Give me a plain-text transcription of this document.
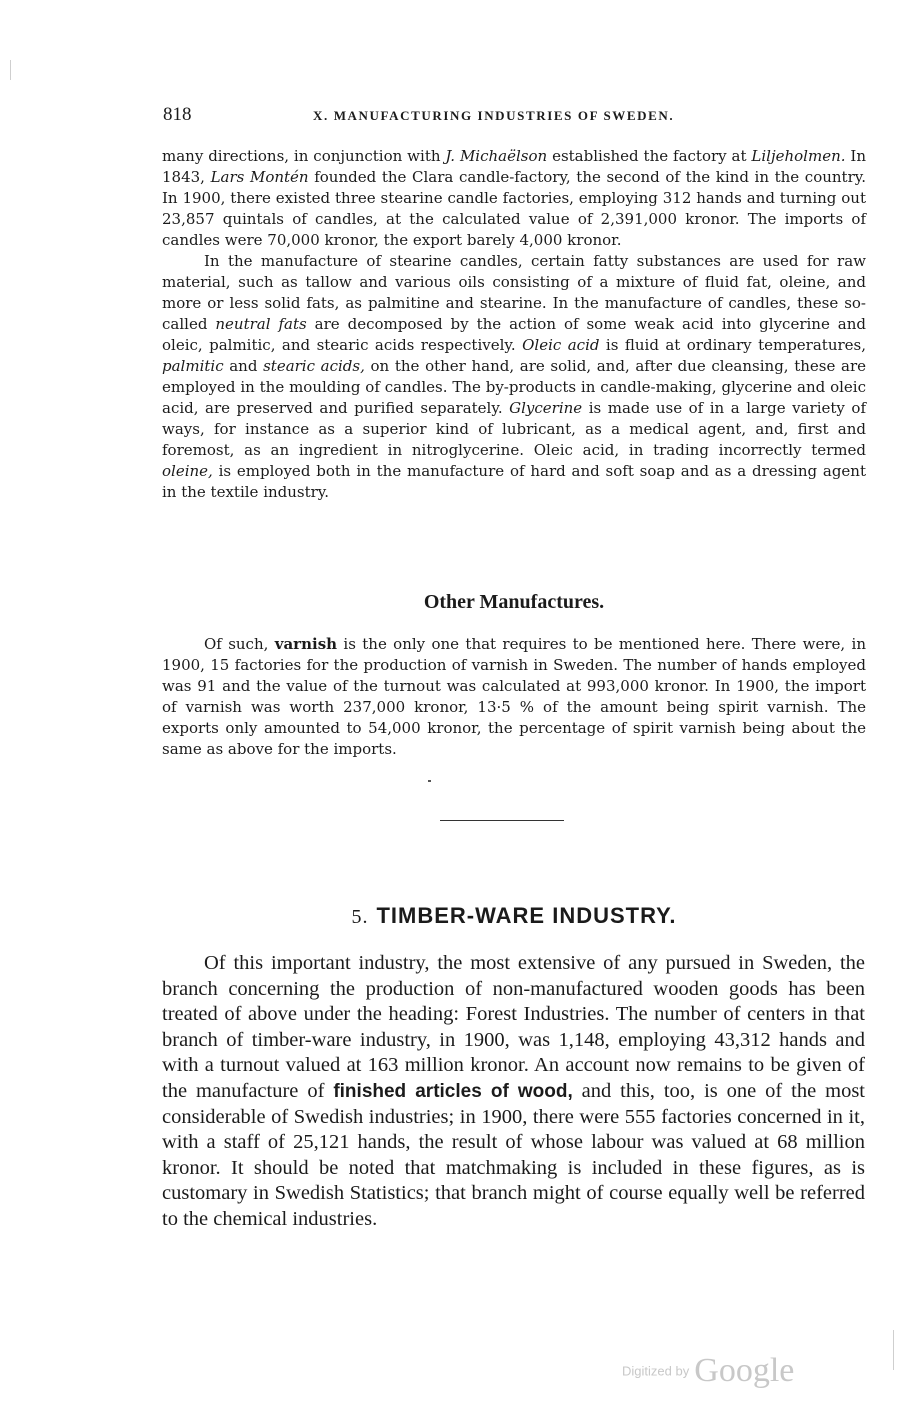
818	X. MANUFACTURING INDUSTRIES OF SWEDEN.

many directions, in conjunction with J. Michaëlson established the factory at Liljeholmen. In 1843, Lars Montén founded the Clara candle-factory, the second of the kind in the country. In 1900, there existed three stearine candle factories, employing 312 hands and turning out 23,857 quintals of candles, at the calculated value of 2,391,000 kronor. The imports of candles were 70,000 kronor, the export barely 4,000 kronor.

In the manufacture of stearine candles, certain fatty substances are used for raw material, such as tallow and various oils consisting of a mixture of fluid fat, oleine, and more or less solid fats, as palmitine and stearine. In the manufacture of candles, these so-called neutral fats are decomposed by the action of some weak acid into glycerine and oleic, palmitic, and stearic acids respectively. Oleic acid is fluid at ordinary temperatures, palmitic and stearic acids, on the other hand, are solid, and, after due cleansing, these are employed in the moulding of candles. The by-products in candle-making, glycerine and oleic acid, are preserved and purified separately. Glycerine is made use of in a large variety of ways, for instance as a superior kind of lubricant, as a medical agent, and, first and foremost, as an ingredient in nitroglycerine. Oleic acid, in trading incorrectly termed oleine, is employed both in the manufacture of hard and soft soap and as a dressing agent in the textile industry.

Other Manufactures.

Of such, varnish is the only one that requires to be mentioned here. There were, in 1900, 15 factories for the production of varnish in Sweden. The number of hands employed was 91 and the value of the turnout was calculated at 993,000 kronor. In 1900, the import of varnish was worth 237,000 kronor, 13·5 % of the amount being spirit varnish. The exports only amounted to 54,000 kronor, the percentage of spirit varnish being about the same as above for the imports.

5. TIMBER-WARE INDUSTRY.

Of this important industry, the most extensive of any pursued in Sweden, the branch concerning the production of non-manufactured wooden goods has been treated of above under the heading: Forest Industries. The number of centers in that branch of timber-ware industry, in 1900, was 1,148, employing 43,312 hands and with a turnout valued at 163 million kronor. An account now remains to be given of the manufacture of finished articles of wood, and this, too, is one of the most considerable of Swedish industries; in 1900, there were 555 factories concerned in it, with a staff of 25,121 hands, the result of whose labour was valued at 68 million kronor. It should be noted that matchmaking is included in these figures, as is customary in Swedish Statistics; that branch might of course equally well be referred to the chemical industries.

Digitized by Google
